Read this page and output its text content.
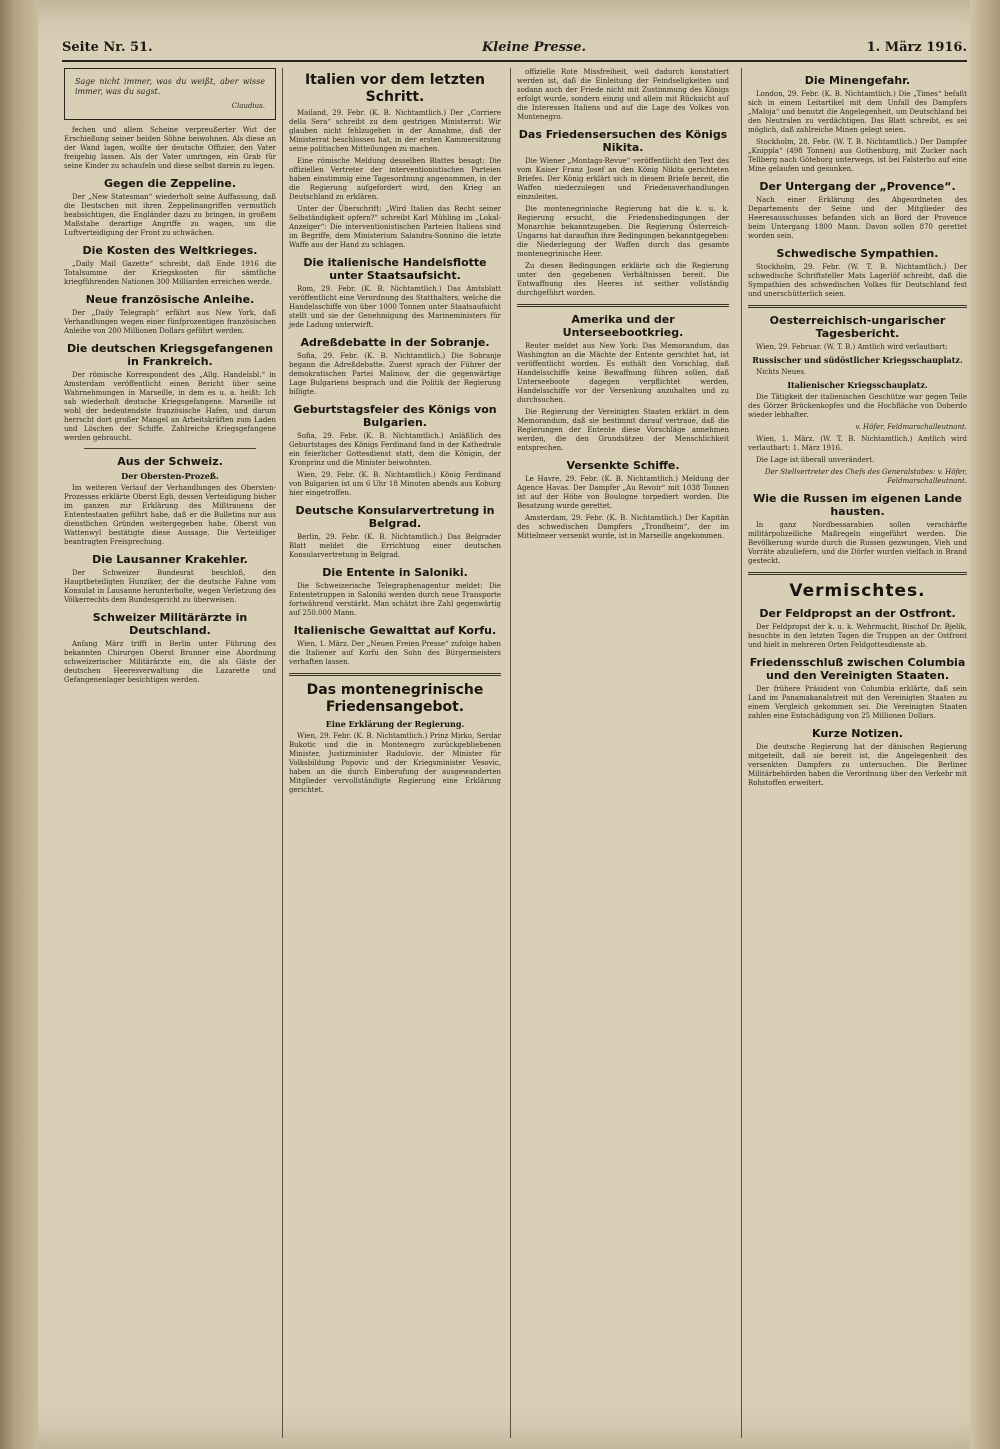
Seite Nr. 51.	Kleine Presse.	1. März 1916.
Sage nicht immer, was du weißt, aber wisse immer, was du sagst.
Claudius.

fechen und allem Scheine verpreußerter Wut der Erschießung seiner beiden Söhne beiwohnen. Als diese an der Wand lagen, wollte der deutsche Offizier, den Vater freigebig lassen. Als der Vater umringen, ein Grab für seine Kinder zu schaufeln und diese selbst darein zu legen.

Gegen die Zeppeline.

Der „New Statesman“ wiederholt seine Auffassung, daß die Deutschen mit ihren Zeppelinangriffen vermutlich beabsichtigen, die Engländer dazu zu bringen, in großem Maßstabe derartige Angriffe zu wagen, um die Luftverteidigung der Front zu schwächen.

Die Kosten des Weltkrieges.

„Daily Mail Gazette“ schreibt, daß Ende 1916 die Totalsumme der Kriegskosten für sämtliche kriegführenden Nationen 300 Milliarden erreichen werde.

Neue französische Anleihe.

Der „Daily Telegraph“ erfährt aus New York, daß Verhandlungen wegen einer fünfprozentigen französischen Anleihe von 200 Millionen Dollars geführt werden.

Die deutschen Kriegsgefangenen in Frankreich.

Der römische Korrespondent des „Allg. Handelsbl.“ in Amsterdam veröffentlicht einen Bericht über seine Wahrnehmungen in Marseille, in dem es u. a. heißt: Ich sah wiederholt deutsche Kriegsgefangene. Marseille ist wohl der bedeutendste französische Hafen, und darum herrscht dort großer Mangel an Arbeitskräften zum Laden und Löschen der Schiffe. Zahlreiche Kriegsgefangene werden gebraucht.

Aus der Schweiz.
Der Obersten-Prozeß.

Im weiteren Verlauf der Verhandlungen des Obersten-Prozesses erklärte Oberst Egli, dessen Verteidigung bisher im ganzen zur Erklärung des Mißtrauens der Ententestaaten geführt habe, daß er die Bulletins nur aus dienstlichen Gründen weitergegeben habe. Oberst von Wattenwyl bestätigte diese Aussage. Die Verteidiger beantragten Freisprechung.

Die Lausanner Krakehler.

Der Schweizer Bundesrat beschloß, den Hauptbeteiligten Hunziker, der die deutsche Fahne vom Konsulat in Lausanne herunterholte, wegen Verletzung des Völkerrechts dem Bundesgericht zu überweisen.

Schweizer Militärärzte in Deutschland.

Anfang März trifft in Berlin unter Führung des bekannten Chirurgen Oberst Brunner eine Abordnung schweizerischer Militärärzte ein, die als Gäste der deutschen Heeresverwaltung die Lazarette und Gefangenenlager besichtigen werden.

Italien vor dem letzten Schritt.

Mailand, 29. Febr. (K. B. Nichtamtlich.) Der „Corriere della Sera“ schreibt zu dem gestrigen Ministerrat: Wir glauben nicht fehlzugehen in der Annahme, daß der Ministerrat beschlossen hat, in der ersten Kammersitzung seine politischen Mitteilungen zu machen.

Eine römische Meldung desselben Blattes besagt: Die offiziellen Vertreter der interventionistischen Parteien haben einstimmig eine Tagesordnung angenommen, in der die Regierung aufgefordert wird, den Krieg an Deutschland zu erklären.

Unter der Überschrift: „Wird Italien das Recht seiner Selbständigkeit opfern?“ schreibt Karl Mühling im „Lokal-Anzeiger“: Die interventionistischen Parteien Italiens sind im Begriffe, dem Ministerium Salandra-Sonnino die letzte Waffe aus der Hand zu schlagen.

Die italienische Handelsflotte unter Staatsaufsicht.

Rom, 29. Febr. (K. B. Nichtamtlich.) Das Amtsblatt veröffentlicht eine Verordnung des Statthalters, welche die Handelsschiffe von über 1000 Tonnen unter Staatsaufsicht stellt und sie der Genehmigung des Marineministers für jede Ladung unterwirft.

Adreßdebatte in der Sobranje.

Sofia, 29. Febr. (K. B. Nichtamtlich.) Die Sobranje begann die Adreßdebatte. Zuerst sprach der Führer der demokratischen Partei Malinow, der die gegenwärtige Lage Bulgariens besprach und die Politik der Regierung billigte.

Geburtstagsfeier des Königs von Bulgarien.

Sofia, 29. Febr. (K. B. Nichtamtlich.) Anläßlich des Geburtstages des Königs Ferdinand fand in der Kathedrale ein feierlicher Gottesdienst statt, dem die Königin, der Kronprinz und die Minister beiwohnten.

Wien, 29. Febr. (K. B. Nichtamtlich.) König Ferdinand von Bulgarien ist um 6 Uhr 18 Minuten abends aus Koburg hier eingetroffen.

Deutsche Konsularvertretung in Belgrad.

Berlin, 29. Febr. (K. B. Nichtamtlich.) Das Belgrader Blatt meldet die Errichtung einer deutschen Konsularvertretung in Belgrad.

Die Entente in Saloniki.

Die Schweizerische Telegraphenagentur meldet: Die Ententetruppen in Saloniki werden durch neue Transporte fortwährend verstärkt. Man schätzt ihre Zahl gegenwärtig auf 250.000 Mann.

Italienische Gewalttat auf Korfu.

Wien, 1. März. Der „Neuen Freien Presse“ zufolge haben die Italiener auf Korfu den Sohn des Bürgermeisters verhaften lassen.

Das montenegrinische Friedensangebot.
Eine Erklärung der Regierung.

Wien, 29. Febr. (K. B. Nichtamtlich.) Prinz Mirko, Serdar Bukotic und die in Montenegro zurückgebliebenen Minister, Justizminister Radulovic, der Minister für Volksbildung Popovic und der Kriegsminister Vesovic, haben an die durch Einberufung der ausgewanderten Mitglieder vervollständigte Regierung eine Erklärung gerichtet.

offizielle Rote Missfreiheit, weil dadurch konstatiert werden ist, daß die Einleitung der Feindseligkeiten und sodann auch der Friede nicht mit Zustimmung des Königs erfolgt wurde, sondern einzig und allein mit Rücksicht auf die Interessen Italiens und auf die Lage des Volkes von Montenegro.

Das Friedensersuchen des Königs Nikita.

Die Wiener „Montags-Revue“ veröffentlicht den Text des vom Kaiser Franz Josef an den König Nikita gerichteten Briefes. Der König erklärt sich in diesem Briefe bereit, die Waffen niederzulegen und Friedensverhandlungen einzuleiten.

Die montenegrinische Regierung hat die k. u. k. Regierung ersucht, die Friedensbedingungen der Monarchie bekanntzugeben. Die Regierung Österreich-Ungarns hat daraufhin ihre Bedingungen bekanntgegeben: die Niederlegung der Waffen durch das gesamte montenegrinische Heer.

Zu diesen Bedingungen erklärte sich die Regierung unter den gegebenen Verhältnissen bereit. Die Entwaffnung des Heeres ist seither vollständig durchgeführt worden.

Amerika und der Unterseebootkrieg.

Reuter meldet aus New York: Das Memorandum, das Washington an die Mächte der Entente gerichtet hat, ist veröffentlicht worden. Es enthält den Vorschlag, daß Handelsschiffe keine Bewaffnung führen sollen, daß Unterseeboote dagegen verpflichtet werden, Handelsschiffe vor der Versenkung anzuhalten und zu durchsuchen.

Die Regierung der Vereinigten Staaten erklärt in dem Memorandum, daß sie bestimmt darauf vertraue, daß die Regierungen der Entente diese Vorschläge annehmen werden, die den Grundsätzen der Menschlichkeit entsprechen.

Versenkte Schiffe.

Le Havre, 29. Febr. (K. B. Nichtamtlich.) Meldung der Agence Havas. Der Dampfer „Au Revoir“ mit 1038 Tonnen ist auf der Höhe von Boulogne torpediert worden. Die Besatzung wurde gerettet.

Amsterdam, 29. Febr. (K. B. Nichtamtlich.) Der Kapitän des schwedischen Dampfers „Trondheim“, der im Mittelmeer versenkt wurde, ist in Marseille angekommen.

Die Minengefahr.

London, 29. Febr. (K. B. Nichtamtlich.) Die „Times“ befaßt sich in einem Leitartikel mit dem Unfall des Dampfers „Maloja“ und benutzt die Angelegenheit, um Deutschland bei den Neutralen zu verdächtigen. Das Blatt schreibt, es sei möglich, daß zahlreiche Minen gelegt seien.

Stockholm, 28. Febr. (W. T. B. Nichtamtlich.) Der Dampfer „Knippla“ (498 Tonnen) aus Gothenburg, mit Zucker nach Tellberg nach Göteborg unterwegs, ist bei Falsterbo auf eine Mine gelaufen und gesunken.

Der Untergang der „Provence“.

Nach einer Erklärung des Abgeordneten des Departements der Seine und der Mitglieder des Heeresausschusses befanden sich an Bord der Provence beim Untergang 1800 Mann. Davon sollen 870 gerettet worden sein.

Schwedische Sympathien.

Stockholm, 29. Febr. (W. T. B. Nichtamtlich.) Der schwedische Schriftsteller Mats Lagerlöf schreibt, daß die Sympathien des schwedischen Volkes für Deutschland fest und unerschütterlich seien.

Oesterreichisch-ungarischer Tagesbericht.

Wien, 29. Februar. (W. T. B.) Amtlich wird verlautbart:

Russischer und südöstlicher Kriegsschauplatz.

Nichts Neues.

Italienischer Kriegsschauplatz.

Die Tätigkeit der italienischen Geschütze war gegen Teile des Görzer Brückenkopfes und die Hochfläche von Doberdo wieder lebhafter.

v. Höfer, Feldmarschalleutnant.

Wien, 1. März. (W. T. B. Nichtamtlich.) Amtlich wird verlautbart: 1. März 1916.

Die Lage ist überall unverändert.

Der Stellvertreter des Chefs des Generalstabes: v. Höfer, Feldmarschalleutnant.
Wie die Russen im eigenen Lande hausten.

In ganz Nordbessarabien sollen verschärfte militärpolizeiliche Maßregeln eingeführt werden. Die Bevölkerung wurde durch die Russen gezwungen, Vieh und Vorräte abzuliefern, und die Dörfer wurden vielfach in Brand gesteckt.

Vermischtes.
Der Feldpropst an der Ostfront.

Der Feldpropst der k. u. k. Wehrmacht, Bischof Dr. Bjelik, besuchte in den letzten Tagen die Truppen an der Ostfront und hielt in mehreren Orten Feldgottesdienste ab.

Friedensschluß zwischen Columbia und den Vereinigten Staaten.

Der frühere Präsident von Columbia erklärte, daß sein Land im Panamakanalstreit mit den Vereinigten Staaten zu einem Vergleich gekommen sei. Die Vereinigten Staaten zahlen eine Entschädigung von 25 Millionen Dollars.

Kurze Notizen.

Die deutsche Regierung hat der dänischen Regierung mitgeteilt, daß sie bereit ist, die Angelegenheit des versenkten Dampfers zu untersuchen. Die Berliner Militärbehörden haben die Verordnung über den Verkehr mit Rohstoffen erweitert.
